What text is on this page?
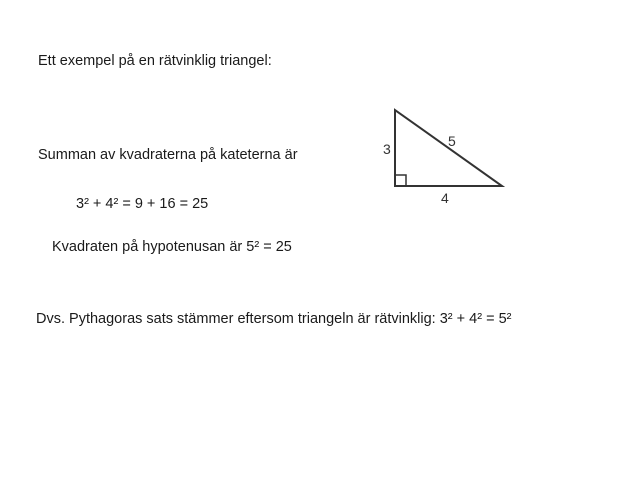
Ett exempel på en rätvinklig triangel:
Summan av kvadraterna på kateterna är
3² + 4² = 9 + 16 = 25
Kvadraten på hypotenusan är 5² = 25
Dvs. Pythagoras sats stämmer eftersom triangeln är rätvinklig: 3² + 4² = 5²
3
4
5
